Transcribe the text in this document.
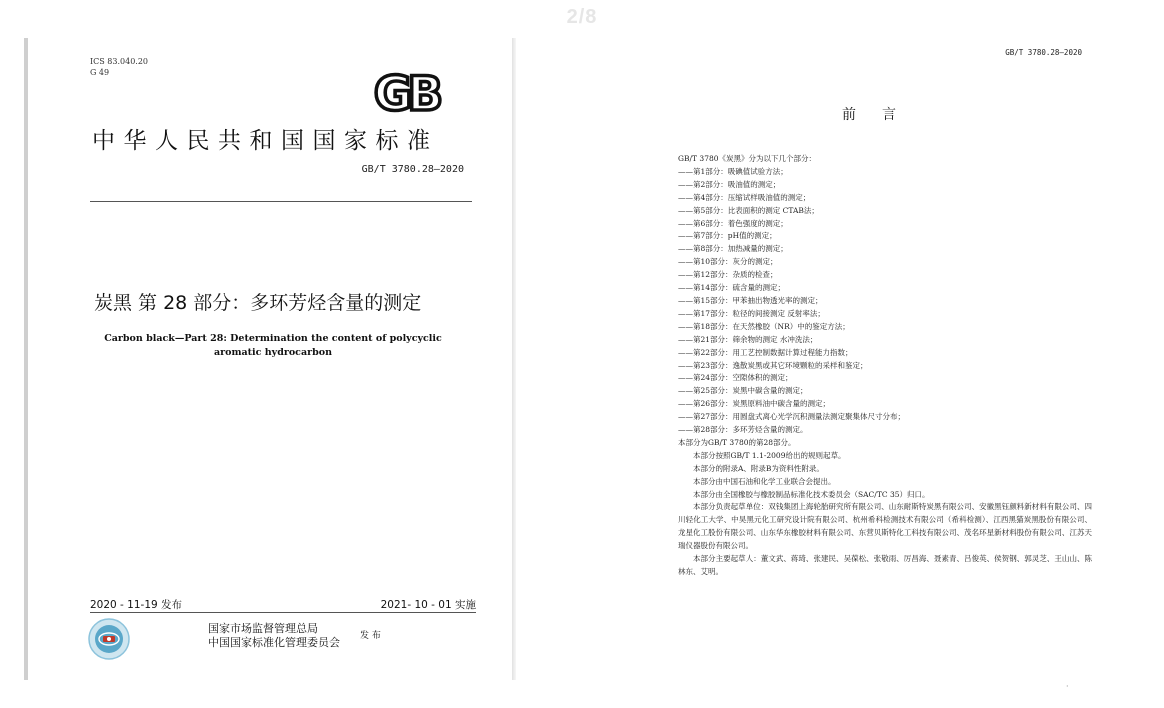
2/8
ICS 83.040.20
G 49	GB
中华人民共和国国家标准
GB/T 3780.28—2020
炭黑 第 28 部分：多环芳烃含量的测定
Carbon black—Part 28: Determination the content of polycyclic aromatic hydrocarbon
2020 - 11-19 发布	2021- 10 - 01 实施
国家市场监督管理总局
中国国家标准化管理委员会 发 布
GB/T 3780.28—2020
前言
GB/T 3780《炭黑》分为以下几个部分：
——第1部分：吸碘值试验方法；
——第2部分：吸油值的测定；
——第4部分：压缩试样吸油值的测定；
——第5部分：比表面积的测定 CTAB法；
——第6部分：着色强度的测定；
——第7部分：pH值的测定；
——第8部分：加热减量的测定；
——第10部分：灰分的测定；
——第12部分：杂质的检查；
——第14部分：硫含量的测定；
——第15部分：甲苯抽出物透光率的测定；
——第17部分：粒径的间接测定 反射率法；
——第18部分：在天然橡胶（NR）中的鉴定方法；
——第21部分：筛余物的测定 水冲洗法；
——第22部分：用工艺控制数据计算过程能力指数；
——第23部分：逸散炭黑或其它环境颗粒的采样和鉴定；
——第24部分：空隙体积的测定；
——第25部分：炭黑中碳含量的测定；
——第26部分：炭黑原料油中碳含量的测定；
——第27部分：用圆盘式离心光学沉积测量法测定聚集体尺寸分布；
——第28部分：多环芳烃含量的测定。
本部分为GB/T 3780的第28部分。
本部分按照GB/T 1.1-2009给出的规则起草。
本部分的附录A、附录B为资料性附录。
本部分由中国石油和化学工业联合会提出。
本部分由全国橡胶与橡胶制品标准化技术委员会（SAC/TC 35）归口。
本部分负责起草单位：双钱集团上海轮胎研究所有限公司、山东耐斯特炭黑有限公司、安徽黑钰颜料新材料有限公司、四川轻化工大学、中昊黑元化工研究设计院有限公司、杭州希科检测技术有限公司（希科检测）、江西黑猫炭黑股份有限公司、龙星化工股份有限公司、山东华东橡胶材料有限公司、东营贝斯特化工科技有限公司、茂名环星新材料股份有限公司、江苏天瑞仪器股份有限公司。
本部分主要起草人：董文武、蒋琦、张建民、吴葆松、张敬雨、厉昌海、聂素青、吕俊英、侯贺钢、郭灵芝、王山山、陈林东、艾明。
·
